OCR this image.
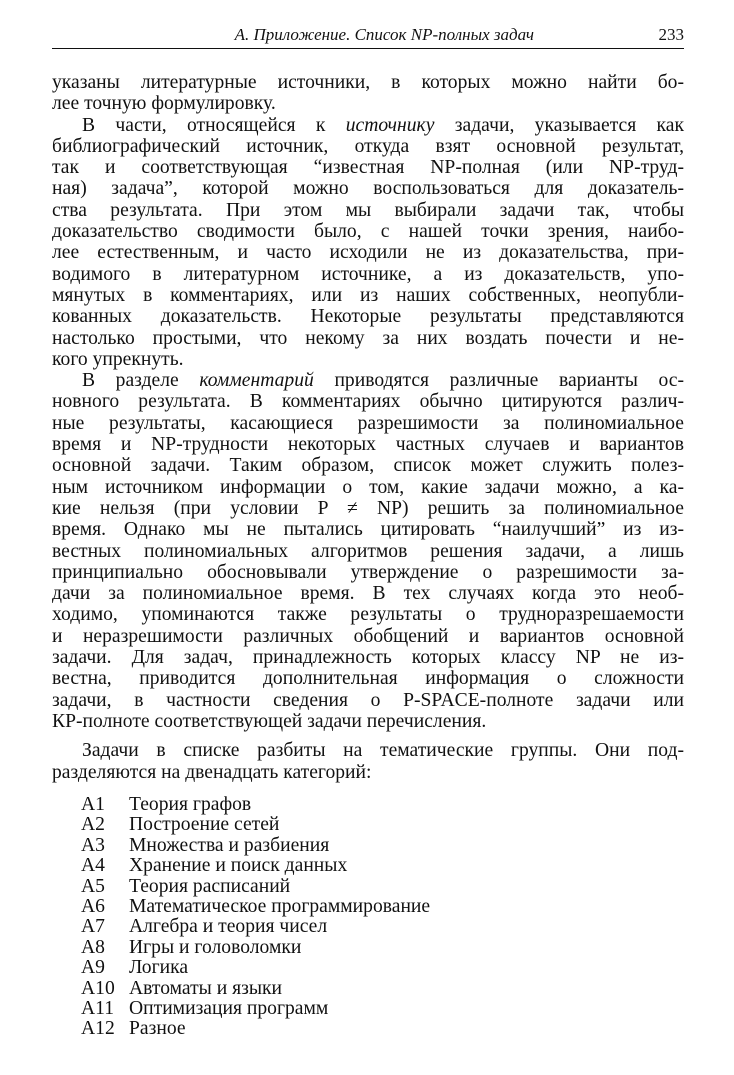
А. Приложение. Список NP-полных задач	233

указаны литературные источники, в которых можно найти бо-

лее точную формулировку.

В части, относящейся к источнику задачи, указывается как

библиографический источник, откуда взят основной результат,

так и соответствующая “известная NP-полная (или NP-труд-

ная) задача”, которой можно воспользоваться для доказатель-

ства результата. При этом мы выбирали задачи так, чтобы

доказательство сводимости было, с нашей точки зрения, наибо-

лее естественным, и часто исходили не из доказательства, при-

водимого в литературном источнике, а из доказательств, упо-

мянутых в комментариях, или из наших собственных, неопубли-

кованных доказательств. Некоторые результаты представляются

настолько простыми, что некому за них воздать почести и не-

кого упрекнуть.

В разделе комментарий приводятся различные варианты ос-

новного результата. В комментариях обычно цитируются различ-

ные результаты, касающиеся разрешимости за полиномиальное

время и NP-трудности некоторых частных случаев и вариантов

основной задачи. Таким образом, список может служить полез-

ным источником информации о том, какие задачи можно, а ка-

кие нельзя (при условии P ≠ NP) решить за полиномиальное

время. Однако мы не пытались цитировать “наилучший” из из-

вестных полиномиальных алгоритмов решения задачи, а лишь

принципиально обосновывали утверждение о разрешимости за-

дачи за полиномиальное время. В тех случаях когда это необ-

ходимо, упоминаются также результаты о трудноразрешаемости

и неразрешимости различных обобщений и вариантов основной

задачи. Для задач, принадлежность которых классу NP не из-

вестна, приводится дополнительная информация о сложности

задачи, в частности сведения о P-SPACE-полноте задачи или

КР-полноте соответствующей задачи перечисления.

Задачи в списке разбиты на тематические группы. Они под-

разделяются на двенадцать категорий:

A1	Теория графов
A2	Построение сетей
A3	Множества и разбиения
A4	Хранение и поиск данных
A5	Теория расписаний
A6	Математическое программирование
A7	Алгебра и теория чисел
A8	Игры и головоломки
A9	Логика
A10 Автоматы и языки
A11 Оптимизация программ
A12 Разное
